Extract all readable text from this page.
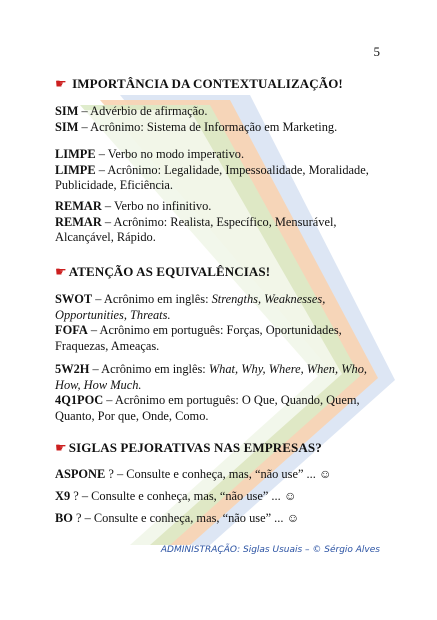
5
☛ IMPORTÂNCIA DA CONTEXTUALIZAÇÃO!

SIM – Advérbio de afirmação.

SIM – Acrônimo: Sistema de Informação em Marketing.

LIMPE – Verbo no modo imperativo.

LIMPE – Acrônimo: Legalidade, Impessoalidade, Moralidade, Publicidade, Eficiência.

REMAR – Verbo no infinitivo.

REMAR – Acrônimo: Realista, Específico, Mensurável, Alcançável, Rápido.

☛ ATENÇÃO AS EQUIVALÊNCIAS!

SWOT – Acrônimo em inglês: Strengths, Weaknesses, Opportunities, Threats.

FOFA – Acrônimo em português: Forças, Oportunidades, Fraquezas, Ameaças.

5W2H – Acrônimo em inglês: What, Why, Where, When, Who, How, How Much.

4Q1POC – Acrônimo em português: O Que, Quando, Quem, Quanto, Por que, Onde, Como.

☛ SIGLAS PEJORATIVAS NAS EMPRESAS?

ASPONE ? – Consulte e conheça, mas, “não use” ... ☺

X9 ? – Consulte e conheça, mas, “não use” ... ☺

BO ? – Consulte e conheça, mas, “não use” ... ☺

ADMINISTRAÇÃO: Siglas Usuais – © Sérgio Alves
